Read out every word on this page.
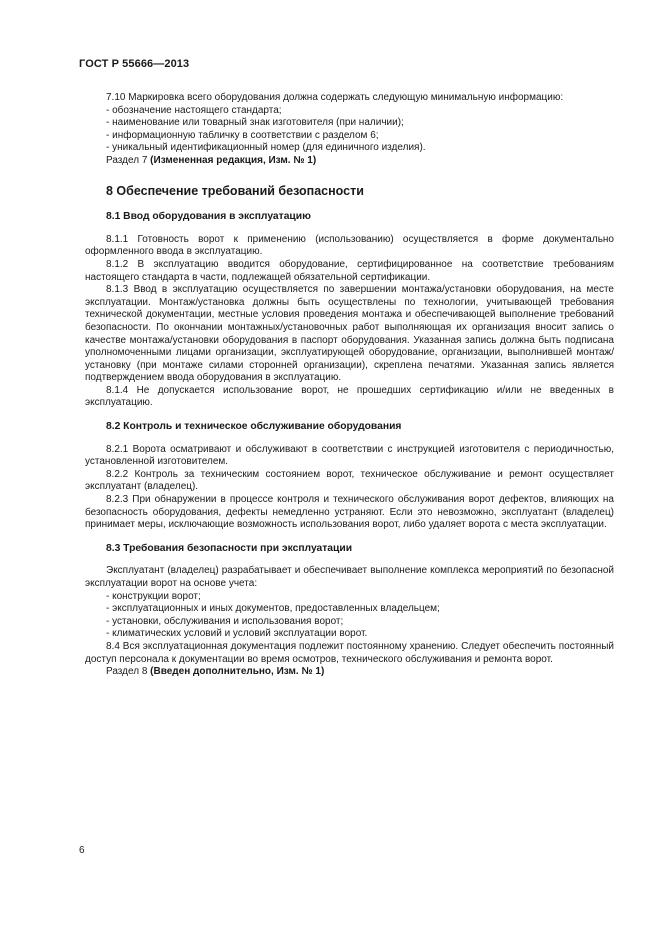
ГОСТ Р 55666—2013

7.10 Маркировка всего оборудования должна содержать следующую минимальную информацию:

- обозначение настоящего стандарта;

- наименование или товарный знак изготовителя (при наличии);

- информационную табличку в соответствии с разделом 6;

- уникальный идентификационный номер (для единичного изделия).

Раздел 7 (Измененная редакция, Изм. № 1)

8 Обеспечение требований безопасности
8.1 Ввод оборудования в эксплуатацию

8.1.1 Готовность ворот к применению (использованию) осуществляется в форме документально оформленного ввода в эксплуатацию.

8.1.2 В эксплуатацию вводится оборудование, сертифицированное на соответствие требованиям настоящего стандарта в части, подлежащей обязательной сертификации.

8.1.3 Ввод в эксплуатацию осуществляется по завершении монтажа/установки оборудования, на месте эксплуатации. Монтаж/установка должны быть осуществлены по технологии, учитывающей требования технической документации, местные условия проведения монтажа и обеспечивающей выполнение требований безопасности. По окончании монтажных/установочных работ выполняющая их организация вносит запись о качестве монтажа/установки оборудования в паспорт оборудования. Указанная запись должна быть подписана уполномоченными лицами организации, эксплуатирующей оборудование, организации, выполнившей монтаж/установку (при монтаже силами сторонней организации), скреплена печатями. Указанная запись является подтверждением ввода оборудования в эксплуатацию.

8.1.4 Не допускается использование ворот, не прошедших сертификацию и/или не введенных в эксплуатацию.

8.2 Контроль и техническое обслуживание оборудования

8.2.1 Ворота осматривают и обслуживают в соответствии с инструкцией изготовителя с периодичностью, установленной изготовителем.

8.2.2 Контроль за техническим состоянием ворот, техническое обслуживание и ремонт осуществляет эксплуатант (владелец).

8.2.3 При обнаружении в процессе контроля и технического обслуживания ворот дефектов, влияющих на безопасность оборудования, дефекты немедленно устраняют. Если это невозможно, эксплуатант (владелец) принимает меры, исключающие возможность использования ворот, либо удаляет ворота с места эксплуатации.

8.3 Требования безопасности при эксплуатации

Эксплуатант (владелец) разрабатывает и обеспечивает выполнение комплекса мероприятий по безопасной эксплуатации ворот на основе учета:

- конструкции ворот;

- эксплуатационных и иных документов, предоставленных владельцем;

- установки, обслуживания и использования ворот;

- климатических условий и условий эксплуатации ворот.

8.4 Вся эксплуатационная документация подлежит постоянному хранению. Следует обеспечить постоянный доступ персонала к документации во время осмотров, технического обслуживания и ремонта ворот.

Раздел 8 (Введен дополнительно, Изм. № 1)

6
